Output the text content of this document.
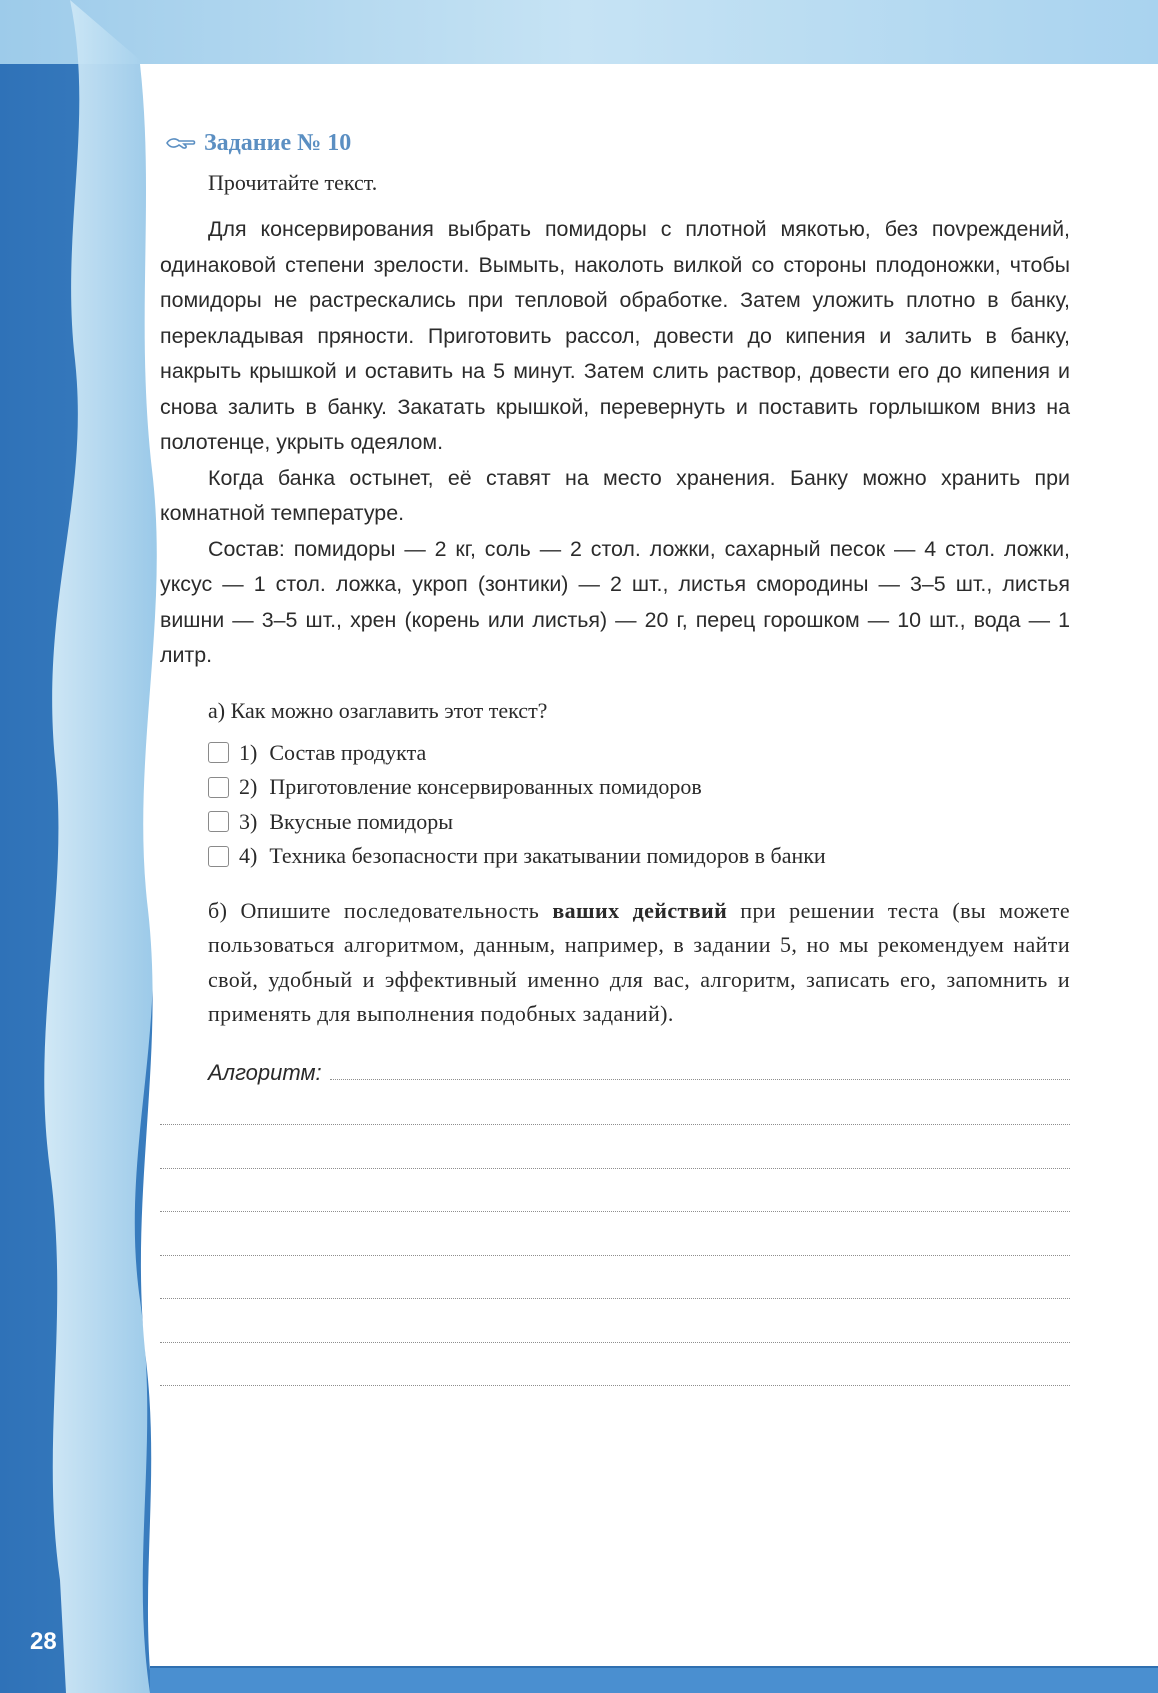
28
Задание № 10
Прочитайте текст.

Для консервирования выбрать помидоры с плотной мякотью, без поvреждений, одинаковой степени зрелости. Вымыть, наколоть вилкой со стороны плодоножки, чтобы помидоры не растрескались при тепловой обработке. Затем уложить плотно в банку, перекладывая пряности. Приготовить рассол, довести до кипения и залить в банку, накрыть крышкой и оставить на 5 минут. Затем слить раствор, довести его до кипения и снова залить в банку. Закатать крышкой, перевернуть и поставить горлышком вниз на полотенце, укрыть одеялом.

Когда банка остынет, её ставят на место хранения. Банку можно хранить при комнатной температуре.

Состав: помидоры — 2 кг, соль — 2 стол. ложки, сахарный песок — 4 стол. ложки, уксус — 1 стол. ложка, укроп (зонтики) — 2 шт., листья смородины — 3–5 шт., листья вишни — 3–5 шт., хрен (корень или листья) — 20 г, перец горошком — 10 шт., вода — 1 литр.

а) Как можно озаглавить этот текст?
1) Состав продукта
2) Приготовление консервированных помидоров
3) Вкусные помидоры
4) Техника безопасности при закатывании помидоров в банки
б) Опишите последовательность ваших действий при решении теста (вы можете пользоваться алгоритмом, данным, например, в задании 5, но мы рекомендуем найти свой, удобный и эффективный именно для вас, алгоритм, записать его, запомнить и применять для выполнения подобных заданий).
Алгоритм:
